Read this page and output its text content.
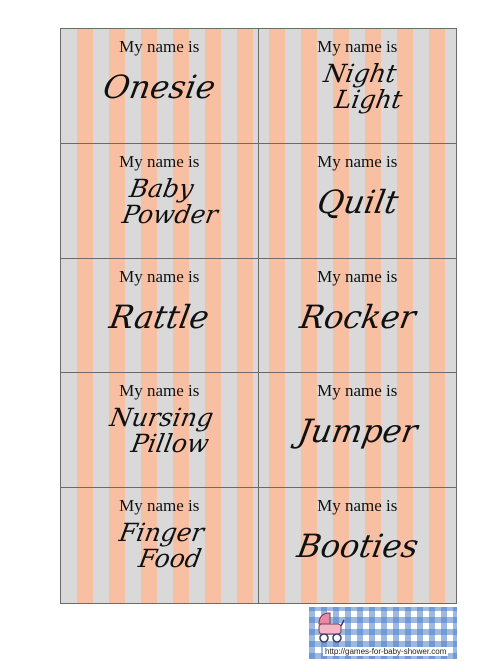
My name is
Onesie
My name is
Night
Light
My name is
Baby
Powder
My name is
Quilt
My name is
Rattle
My name is
Rocker
My name is
Nursing
Pillow
My name is
Jumper
My name is
Finger
Food
My name is
Booties
http://games-for-baby-shower.com
